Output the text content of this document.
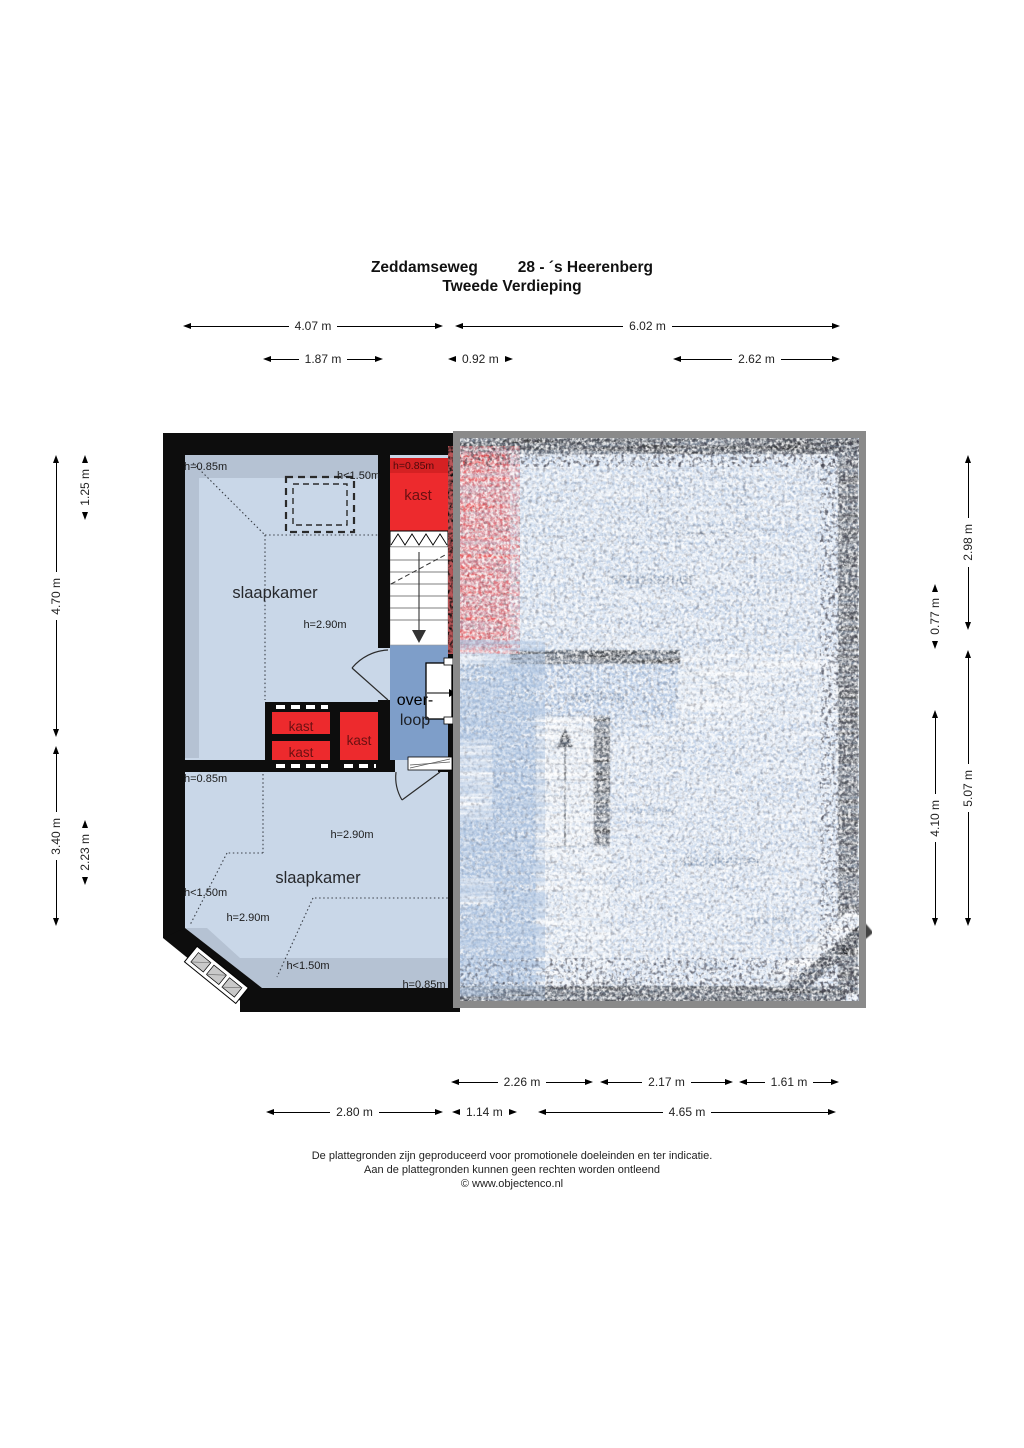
Zeddamseweg	28 - ´s Heerenberg
Tweede Verdieping
4.07 m	6.02 m
1.87 m	0.92 m	2.62 m
4.70 m
3.40 m
1.25 m
2.23 m
2.98 m
5.07 m
0.77 m
4.10 m
h=0.85m
h<1.50m
h=0.85m
kast
slaapkamer
h=2.90m
over-
loop
kast
kast
kast
h=0.85m
h=2.90m
slaapkamer
h<1.50m
h=2.90m
h<1.50m
h=0.85m
2.26 m	2.17 m	1.61 m
2.80 m	1.14 m	4.65 m
De plattegronden zijn geproduceerd voor promotionele doeleinden en ter indicatie.
Aan de plattegronden kunnen geen rechten worden ontleend
© www.objectenco.nl
